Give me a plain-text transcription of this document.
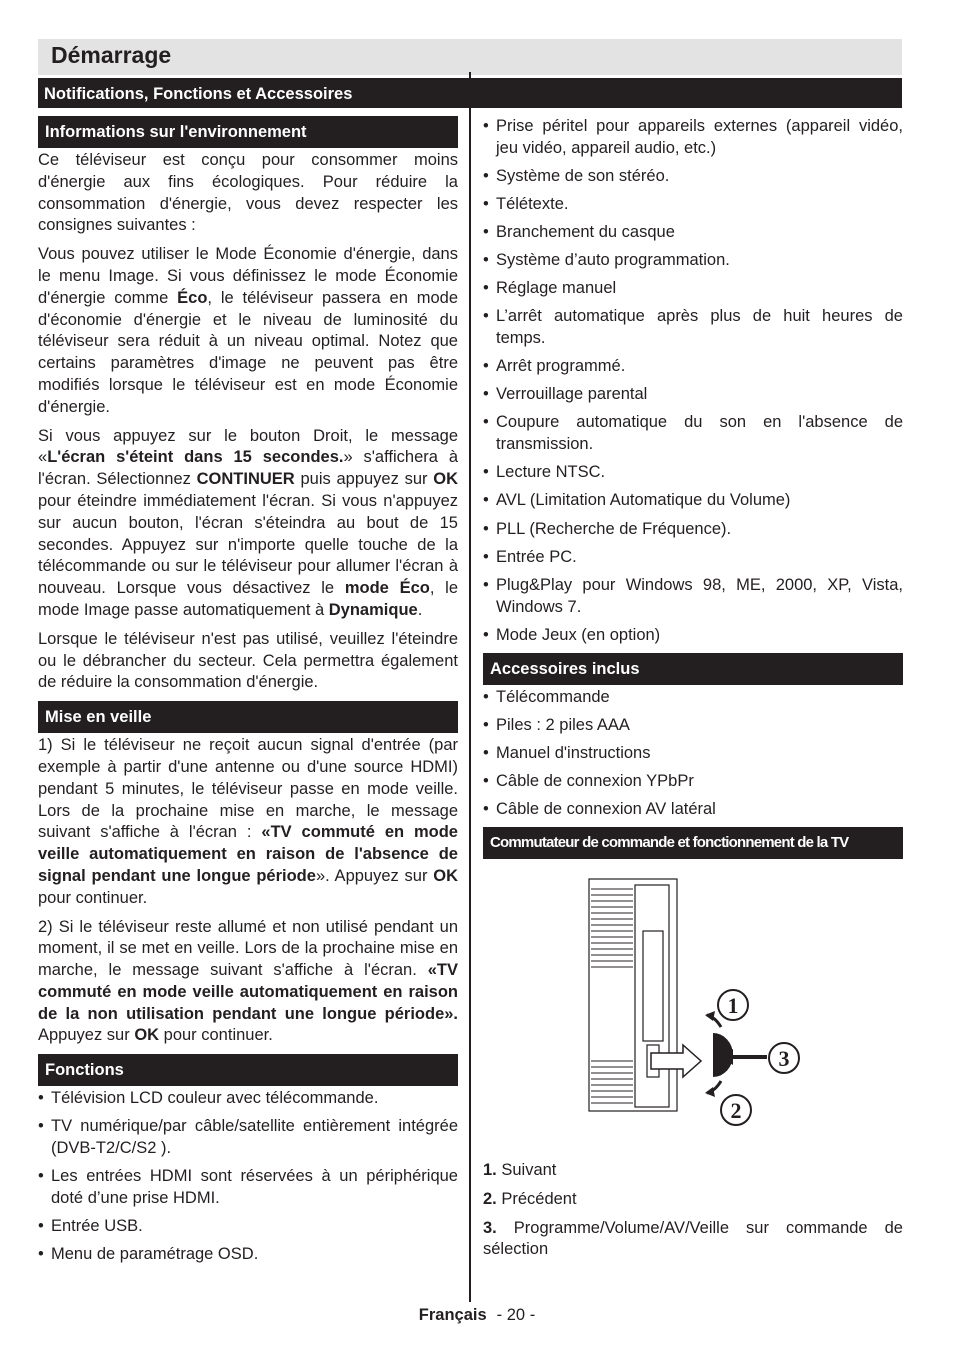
Démarrage
Notifications, Fonctions et Accessoires
Informations sur l'environnement

Ce téléviseur est conçu pour consommer moins d'énergie aux fins écologiques. Pour réduire la consommation d'énergie, vous devez respecter les consignes suivantes :

Vous pouvez utiliser le Mode Économie d'énergie, dans le menu Image. Si vous définissez le mode Économie d'énergie comme Éco, le téléviseur passera en mode d'économie d'énergie et le niveau de luminosité du téléviseur sera réduit à un niveau optimal. Notez que certains paramètres d'image ne peuvent pas être modifiés lorsque le téléviseur est en mode Économie d'énergie.

Si vous appuyez sur le bouton Droit, le message «L'écran s'éteint dans 15 secondes.» s'affichera à l'écran. Sélectionnez CONTINUER puis appuyez sur OK pour éteindre immédiatement l'écran. Si vous n'appuyez sur aucun bouton, l'écran s'éteindra au bout de 15 secondes. Appuyez sur n'importe quelle touche de la télécommande ou sur le téléviseur pour allumer l'écran à nouveau. Lorsque vous désactivez le mode Éco, le mode Image passe automatiquement à Dynamique.

Lorsque le téléviseur n'est pas utilisé, veuillez l'éteindre ou le débrancher du secteur. Cela permettra également de réduire la consommation d'énergie.

Mise en veille

1) Si le téléviseur ne reçoit aucun signal d'entrée (par exemple à partir d'une antenne ou d'une source HDMI) pendant 5 minutes, le téléviseur passe en mode veille. Lors de la prochaine mise en marche, le message suivant s'affiche à l'écran : «TV commuté en mode veille automatiquement en raison de l'absence de signal pendant une longue période». Appuyez sur OK pour continuer.

2) Si le téléviseur reste allumé et non utilisé pendant un moment, il se met en veille. Lors de la prochaine mise en marche, le message suivant s'affiche à l'écran. «TV commuté en mode veille automatiquement en raison de la non utilisation pendant une longue période». Appuyez sur OK pour continuer.

Fonctions
• Télévision LCD couleur avec télécommande.
• TV numérique/par câble/satellite entièrement intégrée (DVB-T2/C/S2 ).
• Les entrées HDMI sont réservées à un périphérique doté d’une prise HDMI.
• Entrée USB.
• Menu de paramétrage OSD.
• Prise péritel pour appareils externes (appareil vidéo, jeu vidéo, appareil audio, etc.)
• Système de son stéréo.
• Télétexte.
• Branchement du casque
• Système d’auto programmation.
• Réglage manuel
• L’arrêt automatique après plus de huit heures de temps.
• Arrêt programmé.
• Verrouillage parental
• Coupure automatique du son en l'absence de transmission.
• Lecture NTSC.
• AVL (Limitation Automatique du Volume)
• PLL (Recherche de Fréquence).
• Entrée PC.
• Plug&Play pour Windows 98, ME, 2000, XP, Vista, Windows 7.
• Mode Jeux (en option)
Accessoires inclus
• Télécommande
• Piles : 2 piles AAA
• Manuel d'instructions
• Câble de connexion YPbPr
• Câble de connexion AV latéral
Commutateur de commande et fonctionnement de la TV
1
3
2

1. Suivant

2. Précédent

3. Programme/Volume/AV/Veille sur commande de sélection

Français - 20 -
